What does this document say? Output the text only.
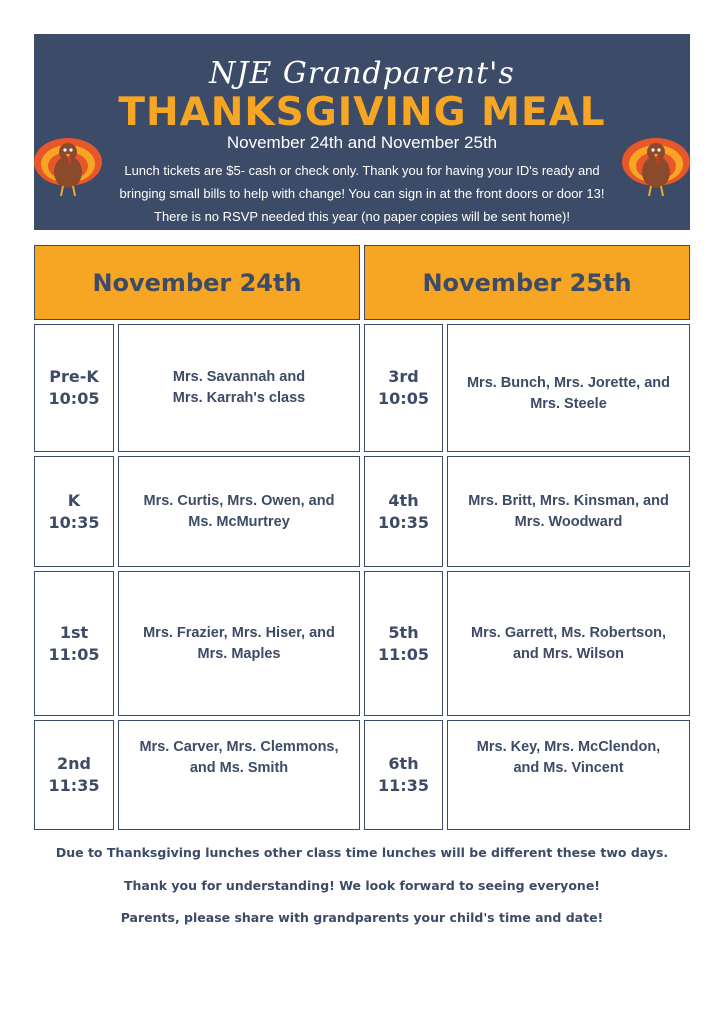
NJE Grandparent's
THANKSGIVING MEAL
November 24th and November 25th
Lunch tickets are $5- cash or check only. Thank you for having your ID's ready and
bringing small bills to help with change! You can sign in at the front doors or door 13!
There is no RSVP needed this year (no paper copies will be sent home)!
November 24th	November 25th
Pre-K
10:05
Mrs. Savannah and
Mrs. Karrah's class
3rd
10:05
Mrs. Bunch, Mrs. Jorette, and
Mrs. Steele
K
10:35
Mrs. Curtis, Mrs. Owen, and
Ms. McMurtrey
4th
10:35
Mrs. Britt, Mrs. Kinsman, and
Mrs. Woodward
1st
11:05
Mrs. Frazier, Mrs. Hiser, and
Mrs. Maples
5th
11:05
Mrs. Garrett, Ms. Robertson,
and Mrs. Wilson
2nd
11:35
Mrs. Carver, Mrs. Clemmons,
and Ms. Smith	6th
11:35
Mrs. Key, Mrs. McClendon,
and Ms. Vincent
Due to Thanksgiving lunches other class time lunches will be different these two days.
Thank you for understanding! We look forward to seeing everyone!
Parents, please share with grandparents your child's time and date!
